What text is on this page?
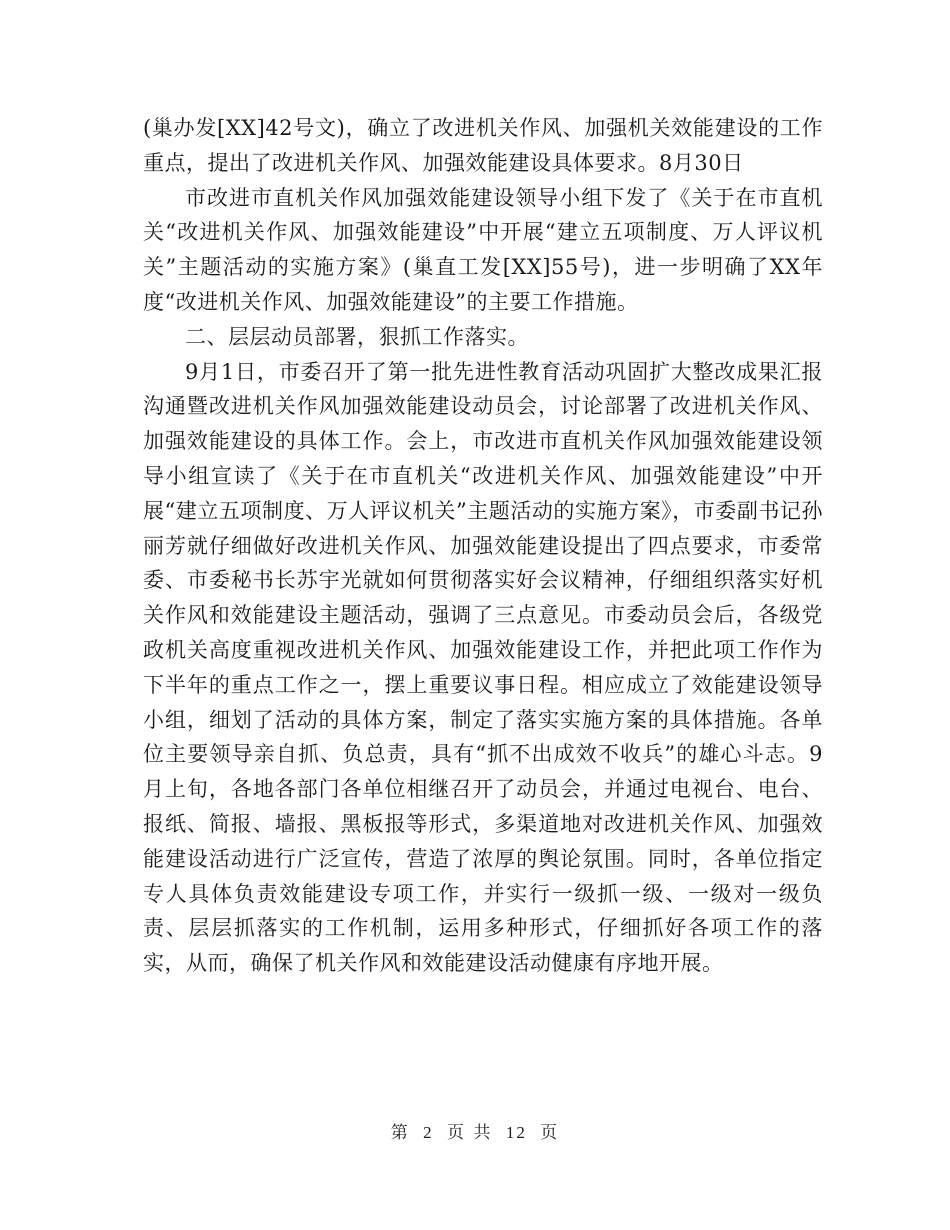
(巢办发[XX]42号文)，确立了改进机关作风、加强机关效能建设的工作重点，提出了改进机关作风、加强效能建设具体要求。8月30日

市改进市直机关作风加强效能建设领导小组下发了《关于在市直机关“改进机关作风、加强效能建设”中开展“建立五项制度、万人评议机关”主题活动的实施方案》(巢直工发[XX]55号)，进一步明确了XX年度“改进机关作风、加强效能建设”的主要工作措施。

二、层层动员部署，狠抓工作落实。

9月1日，市委召开了第一批先进性教育活动巩固扩大整改成果汇报沟通暨改进机关作风加强效能建设动员会，讨论部署了改进机关作风、加强效能建设的具体工作。会上，市改进市直机关作风加强效能建设领导小组宣读了《关于在市直机关“改进机关作风、加强效能建设”中开展“建立五项制度、万人评议机关”主题活动的实施方案》，市委副书记孙丽芳就仔细做好改进机关作风、加强效能建设提出了四点要求，市委常委、市委秘书长苏宇光就如何贯彻落实好会议精神，仔细组织落实好机关作风和效能建设主题活动，强调了三点意见。市委动员会后，各级党政机关高度重视改进机关作风、加强效能建设工作，并把此项工作作为下半年的重点工作之一，摆上重要议事日程。相应成立了效能建设领导小组，细划了活动的具体方案，制定了落实实施方案的具体措施。各单位主要领导亲自抓、负总责，具有“抓不出成效不收兵”的雄心斗志。9月上旬，各地各部门各单位相继召开了动员会，并通过电视台、电台、报纸、简报、墙报、黑板报等形式，多渠道地对改进机关作风、加强效能建设活动进行广泛宣传，营造了浓厚的舆论氛围。同时，各单位指定专人具体负责效能建设专项工作，并实行一级抓一级、一级对一级负责、层层抓落实的工作机制，运用多种形式，仔细抓好各项工作的落实，从而，确保了机关作风和效能建设活动健康有序地开展。

第 2 页 共 12 页
